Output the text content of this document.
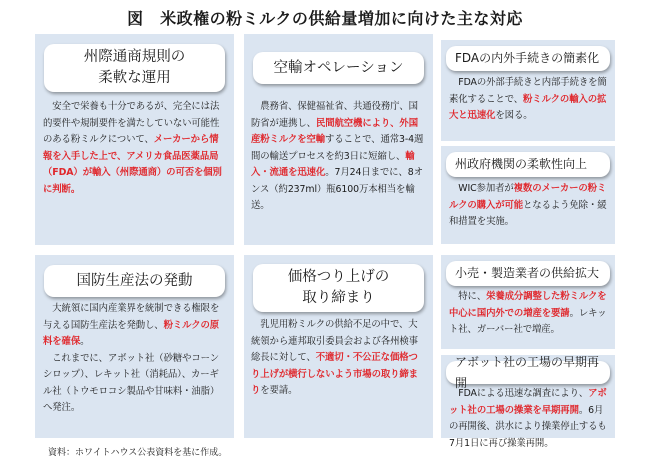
図　米政権の粉ミルクの供給量増加に向けた主な対応
州際通商規則の
柔軟な運用

　安全で栄養も十分であるが、完全には法的要件や規制要件を満たしていない可能性のある粉ミルクについて、メーカーから情報を入手した上で、アメリカ食品医薬品局（FDA）が輸入（州際通商）の可否を個別に判断。

国防生産法の発動

　大統領に国内産業界を統制できる権限を与える国防生産法を発動し、粉ミルクの原料を確保。

　これまでに、アボット社（砂糖やコーンシロップ）、レキット社（消耗品）、カーギル社（トウモロコシ製品や甘味料・油脂）へ発注。

空輸オペレーション

　農務省、保健福祉省、共通役務庁、国防省が連携し、民間航空機により、外国産粉ミルクを空輸することで、通常3-4週間の輸送プロセスを約3日に短縮し、輸入・流通を迅速化。7月24日までに、8オンス（約237ml）瓶6100万本相当を輸送。

価格つり上げの
取り締まり

　乳児用粉ミルクの供給不足の中で、大統領から連邦取引委員会および各州検事総長に対して、不適切・不公正な価格つり上げが横行しないよう市場の取り締まりを要請。

FDAの内外手続きの簡素化

　FDAの外部手続きと内部手続きを簡素化することで、粉ミルクの輸入の拡大と迅速化を図る。

州政府機関の柔軟性向上

　WIC参加者が複数のメーカーの粉ミルクの購入が可能となるよう免除・緩和措置を実施。

小売・製造業者の供給拡大

　特に、栄養成分調整した粉ミルクを中心に国内外での増産を要請。レキット社、ガーバー社で増産。

アボット社の工場の早期再開

　FDAによる迅速な調査により、アボット社の工場の操業を早期再開。6月の再開後、洪水により操業停止するも7月1日に再び操業再開。

資料：ホワイトハウス公表資料を基に作成。
